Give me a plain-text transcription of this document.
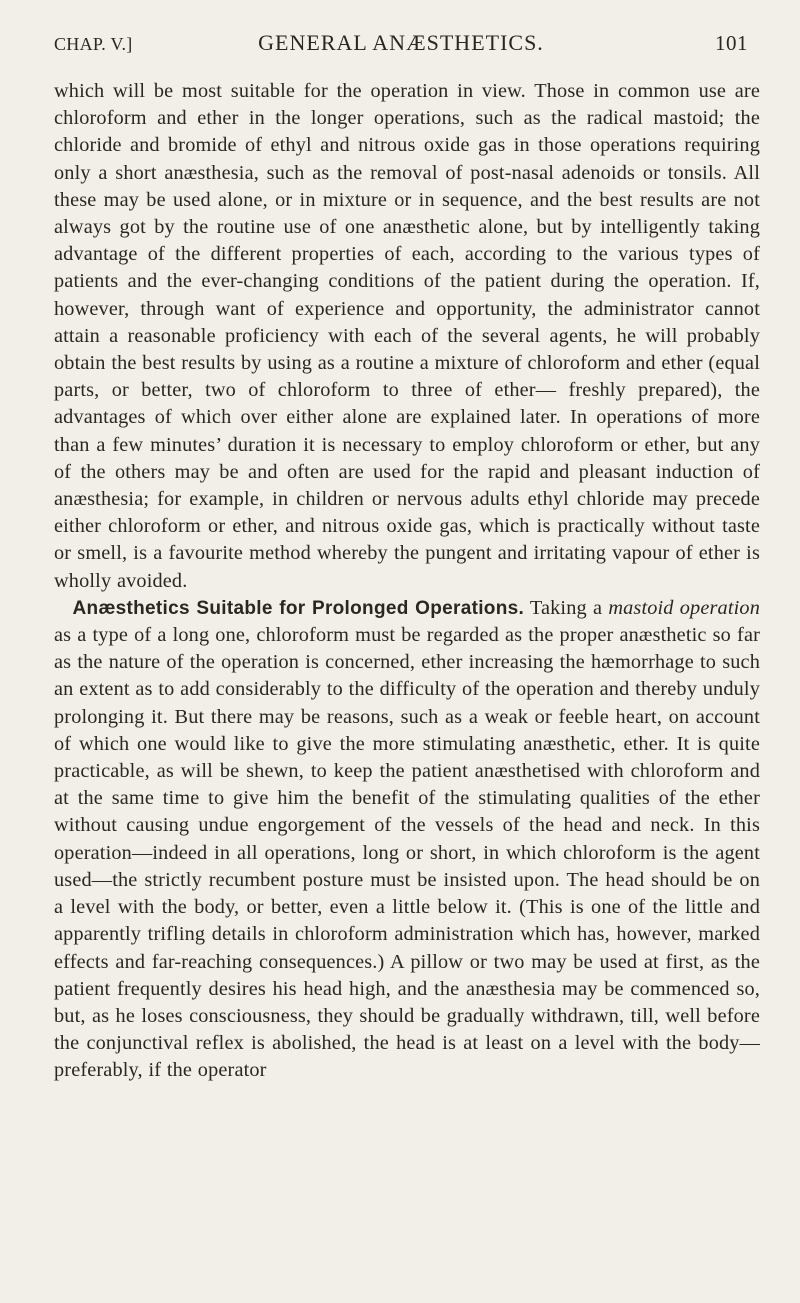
CHAP. V.]	GENERAL ANÆSTHETICS.	101

which will be most suitable for the operation in view. Those in common use are chloroform and ether in the longer operations, such as the radical mastoid; the chloride and bromide of ethyl and nitrous oxide gas in those operations requiring only a short anæsthesia, such as the removal of post-nasal adenoids or tonsils. All these may be used alone, or in mixture or in sequence, and the best results are not always got by the routine use of one anæsthetic alone, but by intelligently taking advantage of the different properties of each, according to the various types of patients and the ever-changing conditions of the patient during the operation. If, however, through want of experience and opportunity, the administrator cannot attain a reasonable proficiency with each of the several agents, he will probably obtain the best results by using as a routine a mixture of chloroform and ether (equal parts, or better, two of chloroform to three of ether— freshly prepared), the advantages of which over either alone are explained later. In operations of more than a few minutes’ duration it is necessary to employ chloroform or ether, but any of the others may be and often are used for the rapid and pleasant induction of anæsthesia; for example, in children or nervous adults ethyl chloride may precede either chloroform or ether, and nitrous oxide gas, which is practically without taste or smell, is a favourite method whereby the pungent and irritating vapour of ether is wholly avoided.

Anæsthetics Suitable for Prolonged Operations. Taking a mastoid operation as a type of a long one, chloroform must be regarded as the proper anæsthetic so far as the nature of the operation is concerned, ether increasing the hæmorrhage to such an extent as to add considerably to the difficulty of the operation and thereby unduly prolonging it. But there may be reasons, such as a weak or feeble heart, on account of which one would like to give the more stimulating anæsthetic, ether. It is quite practicable, as will be shewn, to keep the patient anæsthetised with chloroform and at the same time to give him the benefit of the stimulating qualities of the ether without causing undue engorgement of the vessels of the head and neck. In this operation—indeed in all operations, long or short, in which chloroform is the agent used—the strictly recumbent posture must be insisted upon. The head should be on a level with the body, or better, even a little below it. (This is one of the little and apparently trifling details in chloroform administration which has, however, marked effects and far-reaching consequences.) A pillow or two may be used at first, as the patient frequently desires his head high, and the anæsthesia may be commenced so, but, as he loses consciousness, they should be gradually withdrawn, till, well before the conjunctival reflex is abolished, the head is at least on a level with the body—preferably, if the operator
